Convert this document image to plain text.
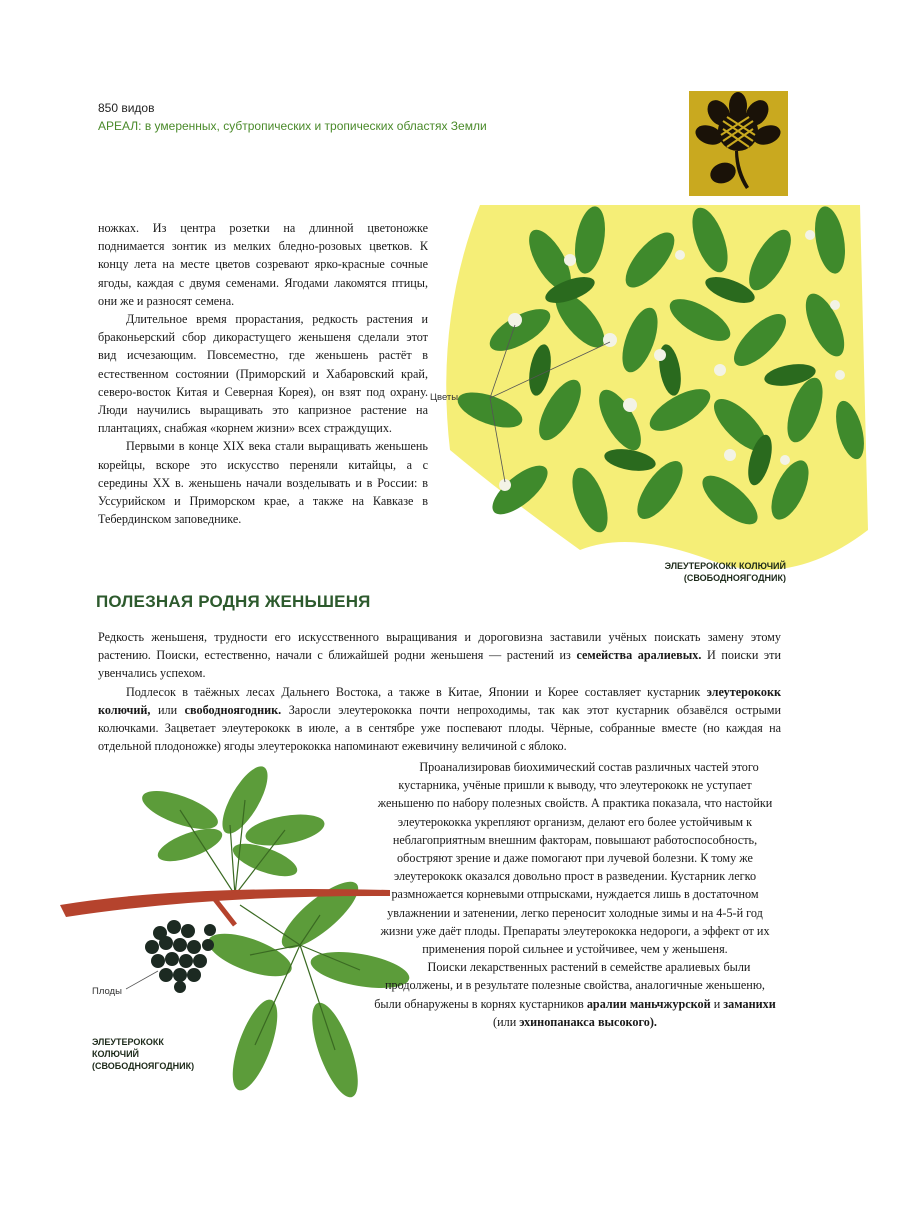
850 видов
АРЕАЛ: в умеренных, субтропических и тропических областях Земли

ножках. Из центра розетки на длинной цветоножке поднимается зонтик из мелких бледно-розовых цветков. К концу лета на месте цветов созревают ярко-красные сочные ягоды, каждая с двумя семенами. Ягодами лакомятся птицы, они же и разносят семена.

Длительное время прорастания, редкость растения и браконьерский сбор дикорастущего женьшеня сделали этот вид исчезающим. Повсеместно, где женьшень растёт в естественном состоянии (Приморский и Хабаровский край, северо-восток Китая и Северная Корея), он взят под охрану. Люди научились выращивать это капризное растение на плантациях, снабжая «корнем жизни» всех страждущих.

Первыми в конце XIX века стали выращивать женьшень корейцы, вскоре это искусство переняли китайцы, а с середины XX в. женьшень начали возделывать и в России: в Уссурийском и Приморском крае, а также на Кавказе в Тебердинском заповеднике.

Цветы
ЭЛЕУТЕРОКОКК КОЛЮЧИЙ
(СВОБОДНОЯГОДНИК)
ПОЛЕЗНАЯ РОДНЯ ЖЕНЬШЕНЯ

Редкость женьшеня, трудности его искусственного выращивания и дороговизна заставили учёных поискать замену этому растению. Поиски, естественно, начали с ближайшей родни женьшеня — растений из семейства аралиевых. И поиски эти увенчались успехом.

Подлесок в таёжных лесах Дальнего Востока, а также в Китае, Японии и Корее составляет кустарник элеутерококк колючий, или свободноягодник. Заросли элеутерококка почти непроходимы, так как этот кустарник обзавёлся острыми колючками. Зацветает элеутерококк в июле, а в сентябре уже поспевают плоды. Чёрные, собранные вместе (но каждая на отдельной плодоножке) ягоды элеутерококка напоминают ежевичину величиной с яблоко.

Плоды
ЭЛЕУТЕРОКОКК
КОЛЮЧИЙ
(СВОБОДНОЯГОДНИК)

Проанализировав биохимический состав различных частей этого кустарника, учёные пришли к выводу, что элеутерококк не уступает женьшеню по набору полезных свойств. А практика показала, что настойки элеутерококка укрепляют организм, делают его более устойчивым к неблагоприятным внешним факторам, повышают работоспособность, обостряют зрение и даже помогают при лучевой болезни. К тому же элеутерококк оказался довольно прост в разведении. Кустарник легко размножается корневыми отпрысками, нуждается лишь в достаточном увлажнении и затенении, легко переносит холодные зимы и на 4-5-й год жизни уже даёт плоды. Препараты элеутерококка недороги, а эффект от их применения порой сильнее и устойчивее, чем у женьшеня.

Поиски лекарственных растений в семействе аралиевых были продолжены, и в результате полезные свойства, аналогичные женьшеню, были обнаружены в корнях кустарников аралии маньчжурской и заманихи (или эхинопанакса высокого).
